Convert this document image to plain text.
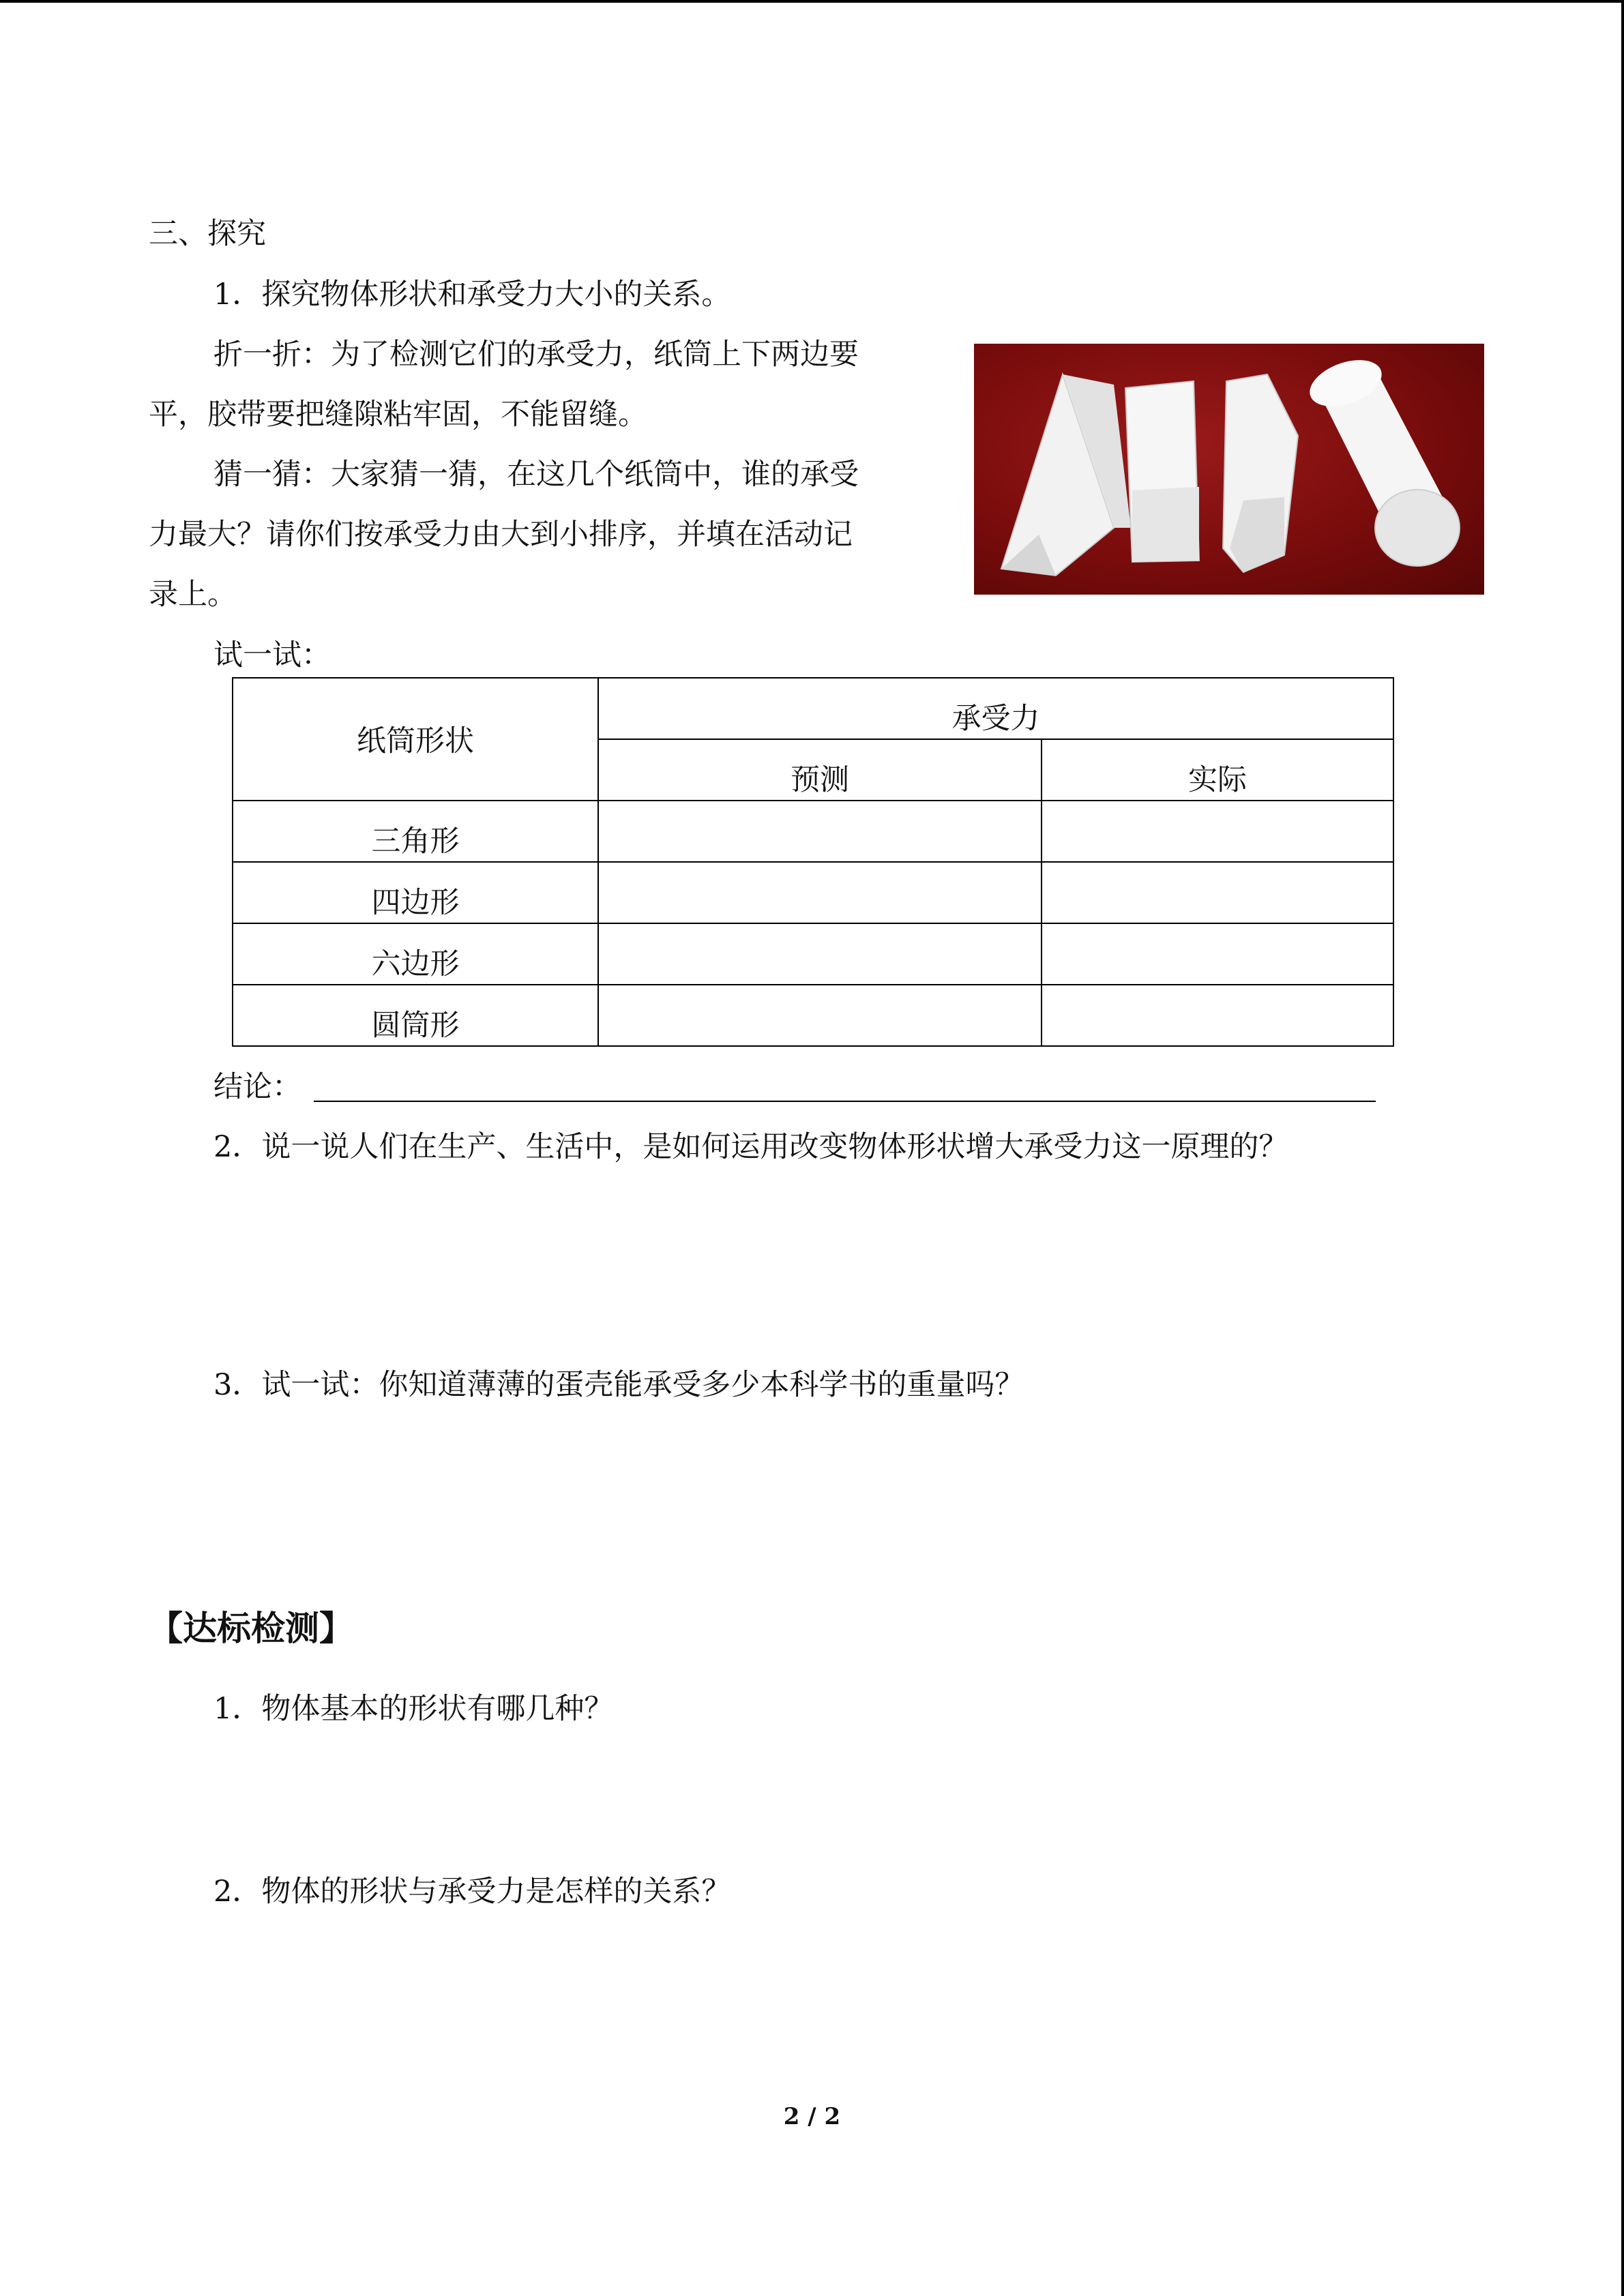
三、探究
1．探究物体形状和承受力大小的关系。
折一折：为了检测它们的承受力，纸筒上下两边要
平，胶带要把缝隙粘牢固，不能留缝。
猜一猜：大家猜一猜，在这几个纸筒中，谁的承受
力最大？请你们按承受力由大到小排序，并填在活动记
录上。
试一试：
纸筒形状	承受力	
	预测	实际
三角形		
四边形		
六边形		
圆筒形		
结论：
2．说一说人们在生产、生活中，是如何运用改变物体形状增大承受力这一原理的？
3．试一试：你知道薄薄的蛋壳能承受多少本科学书的重量吗？
【达标检测】
1．物体基本的形状有哪几种？
2．物体的形状与承受力是怎样的关系？
2 / 2
